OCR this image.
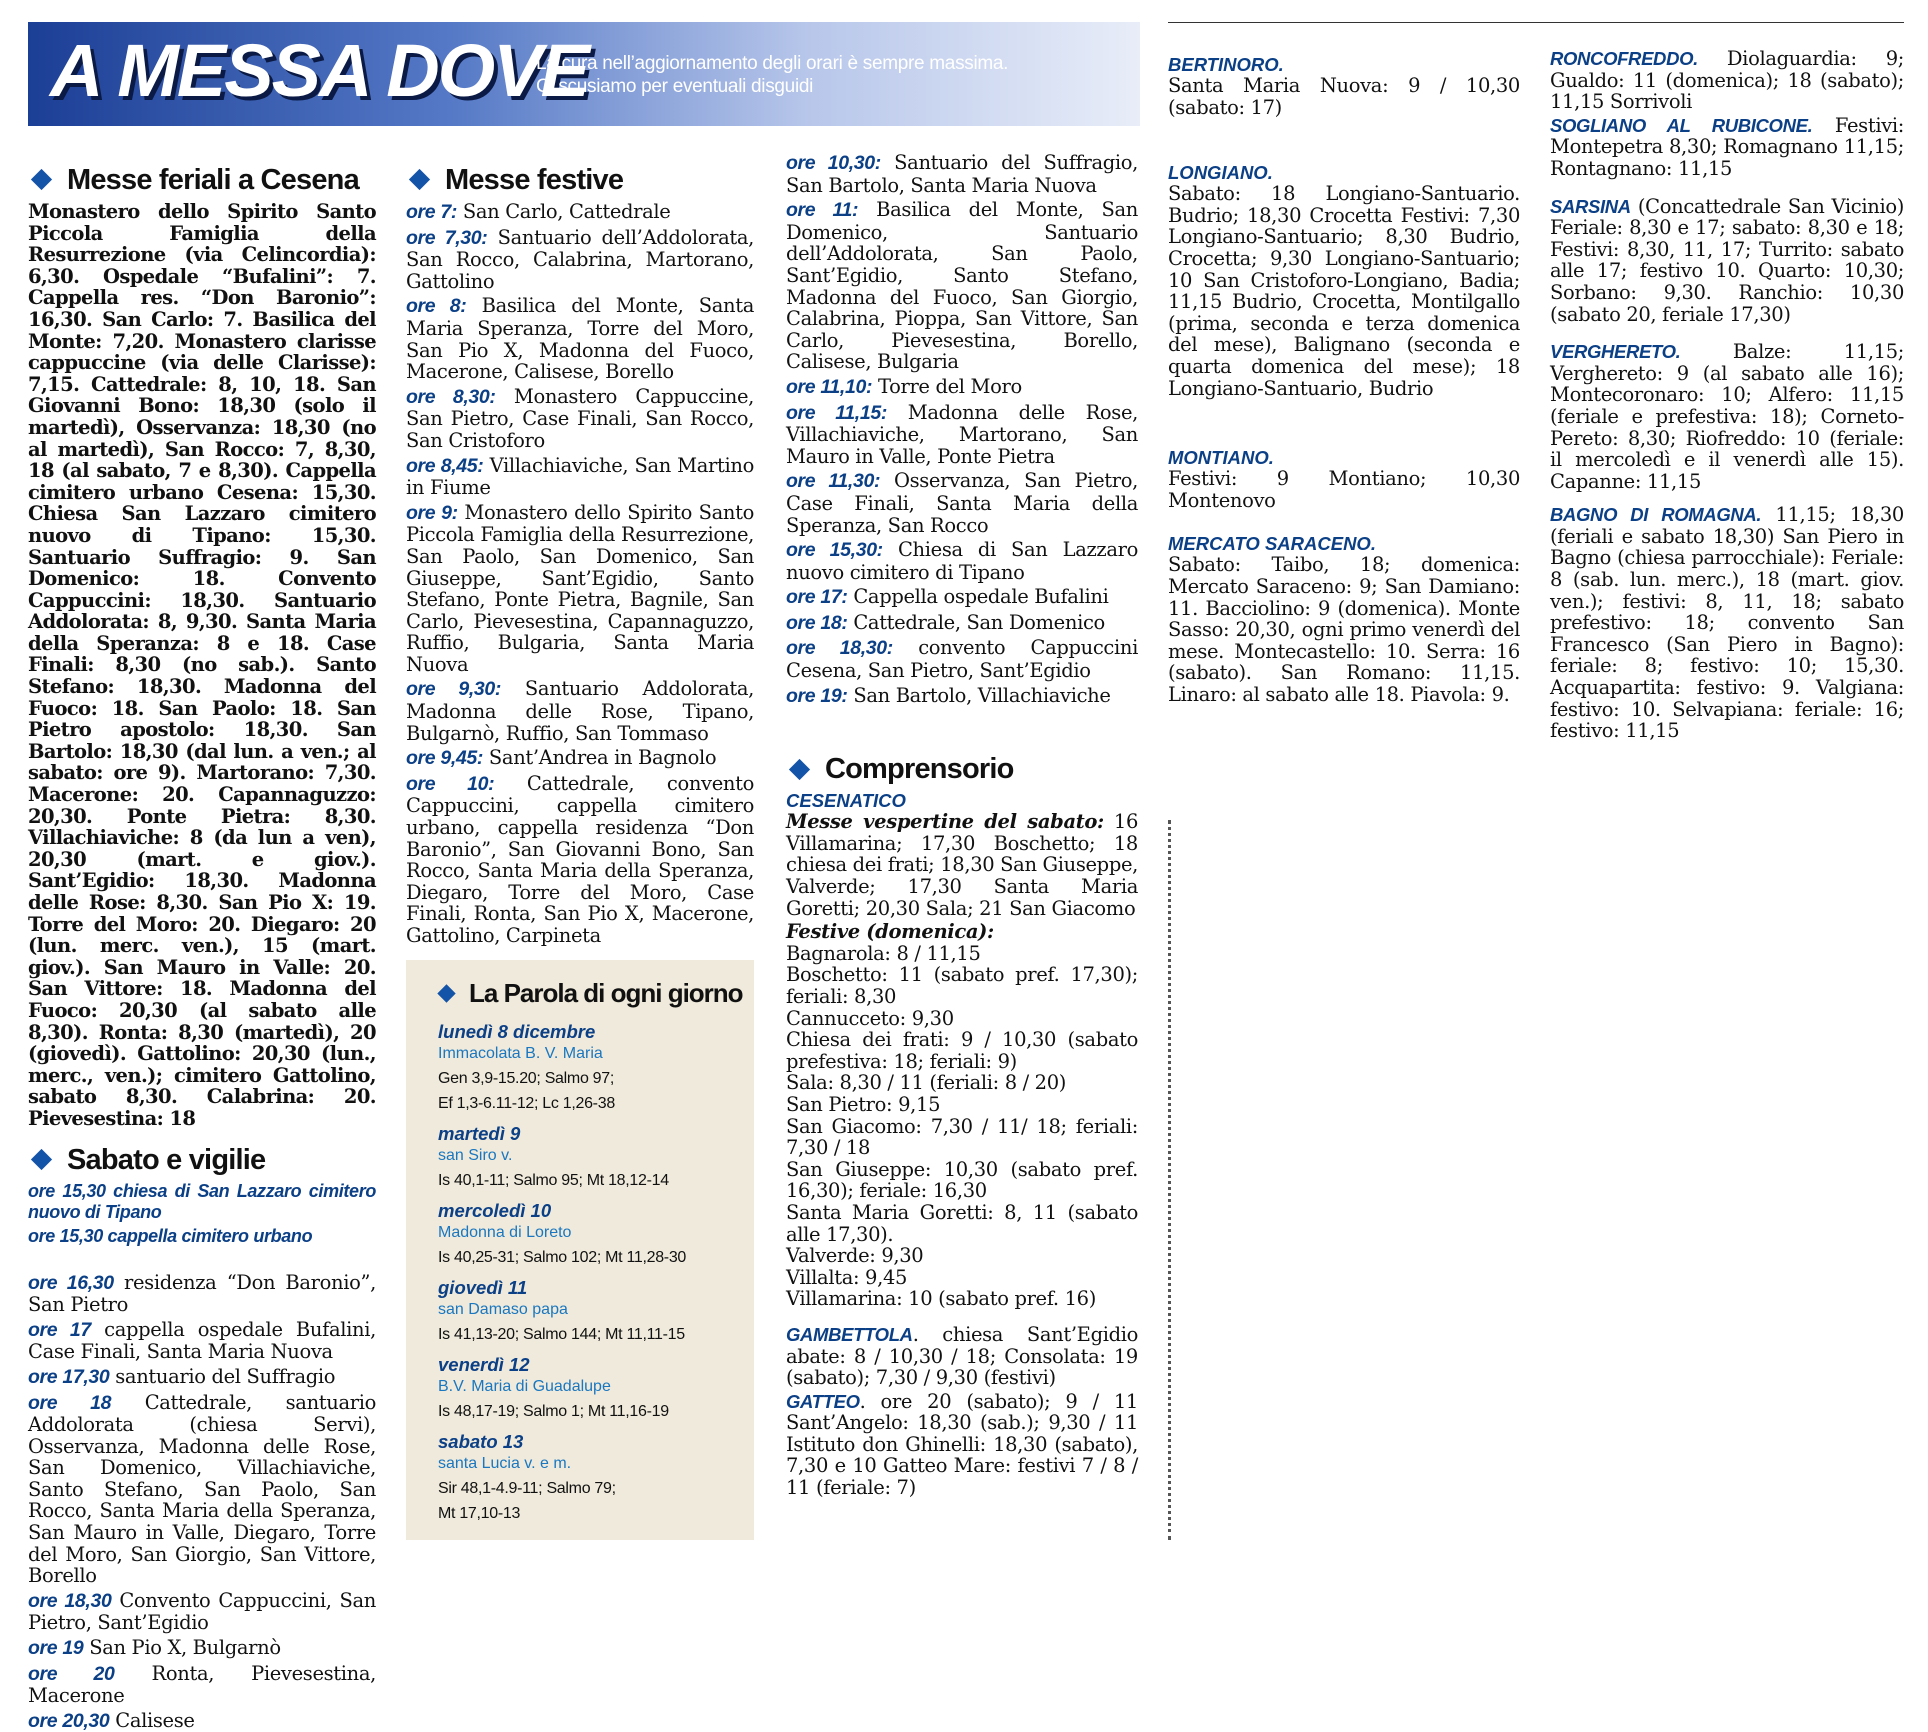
A MESSA DOVE
La cura nell’aggiornamento degli orari è sempre massima.
Ci scusiamo per eventuali disguidi
Messe feriali a Cesena
Monastero dello Spirito Santo Piccola Famiglia della Resurrezione (via Celincordia): 6,30. Ospedale “Bufalini”: 7. Cappella res. “Don Baronio”: 16,30. San Carlo: 7. Basilica del Monte: 7,20. Monastero clarisse cappuccine (via delle Clarisse): 7,15. Cattedrale: 8, 10, 18. San Giovanni Bono: 18,30 (solo il martedì), Osservanza: 18,30 (no al martedì), San Rocco: 7, 8,30, 18 (al sabato, 7 e 8,30). Cappella cimitero urbano Cesena: 15,30. Chiesa San Lazzaro cimitero nuovo di Tipano: 15,30. Santuario Suffragio: 9. San Domenico: 18. Convento Cappuccini: 18,30. Santuario Addolorata: 8, 9,30. Santa Maria della Speranza: 8 e 18. Case Finali: 8,30 (no sab.). Santo Stefano: 18,30. Madonna del Fuoco: 18. San Paolo: 18. San Pietro apostolo: 18,30. San Bartolo: 18,30 (dal lun. a ven.; al sabato: ore 9). Martorano: 7,30. Macerone: 20. Capannaguzzo: 20,30. Ponte Pietra: 8,30. Villachiaviche: 8 (da lun a ven), 20,30 (mart. e giov.). Sant’Egidio: 18,30. Madonna delle Rose: 8,30. San Pio X: 19. Torre del Moro: 20. Diegaro: 20 (lun. merc. ven.), 15 (mart. giov.). San Mauro in Valle: 20. San Vittore: 18. Madonna del Fuoco: 20,30 (al sabato alle 8,30). Ronta: 8,30 (martedì), 20 (giovedì). Gattolino: 20,30 (lun., merc., ven.); cimitero Gattolino, sabato 8,30. Calabrina: 20. Pievesestina: 18
Sabato e vigilie
ore 15,30 chiesa di San Lazzaro cimitero nuovo di Tipano
ore 15,30 cappella cimitero urbano
ore 16,30 residenza “Don Baronio”, San Pietro
ore 17 cappella ospedale Bufalini, Case Finali, Santa Maria Nuova
ore 17,30 santuario del Suffragio
ore 18 Cattedrale, santuario Addolorata (chiesa Servi), Osservanza, Madonna delle Rose, San Domenico, Villachiaviche, Santo Stefano, San Paolo, San Rocco, Santa Maria della Speranza, San Mauro in Valle, Diegaro, Torre del Moro, San Giorgio, San Vittore, Borello
ore 18,30 Convento Cappuccini, San Pietro, Sant’Egidio
ore 19 San Pio X, Bulgarnò
ore 20 Ronta, Pievesestina, Macerone
ore 20,30 Calisese
Messe festive
ore 7: San Carlo, Cattedrale
ore 7,30: Santuario dell’Addolorata, San Rocco, Calabrina, Martorano, Gattolino
ore 8: Basilica del Monte, Santa Maria Speranza, Torre del Moro, San Pio X, Madonna del Fuoco, Macerone, Calisese, Borello
ore 8,30: Monastero Cappuccine, San Pietro, Case Finali, San Rocco, San Cristoforo
ore 8,45: Villachiaviche, San Martino in Fiume
ore 9: Monastero dello Spirito Santo Piccola Famiglia della Resurrezione, San Paolo, San Domenico, San Giuseppe, Sant’Egidio, Santo Stefano, Ponte Pietra, Bagnile, San Carlo, Pievesestina, Capannaguzzo, Ruffio, Bulgaria, Santa Maria Nuova
ore 9,30: Santuario Addolorata, Madonna delle Rose, Tipano, Bulgarnò, Ruffio, San Tommaso
ore 9,45: Sant’Andrea in Bagnolo
ore 10: Cattedrale, convento Cappuccini, cappella cimitero urbano, cappella residenza “Don Baronio”, San Giovanni Bono, San Rocco, Santa Maria della Speranza, Diegaro, Torre del Moro, Case Finali, Ronta, San Pio X, Macerone, Gattolino, Carpineta
La Parola di ogni giorno
lunedì 8 dicembre
Immacolata B. V. Maria
Gen 3,9-15.20; Salmo 97;
Ef 1,3-6.11-12; Lc 1,26-38
martedì 9
san Siro v.
Is 40,1-11; Salmo 95; Mt 18,12-14
mercoledì 10
Madonna di Loreto
Is 40,25-31; Salmo 102; Mt 11,28-30
giovedì 11
san Damaso papa
Is 41,13-20; Salmo 144; Mt 11,11-15
venerdì 12
B.V. Maria di Guadalupe
Is 48,17-19; Salmo 1; Mt 11,16-19
sabato 13
santa Lucia v. e m.
Sir 48,1-4.9-11; Salmo 79;
Mt 17,10-13
ore 10,30: Santuario del Suffragio, San Bartolo, Santa Maria Nuova
ore 11: Basilica del Monte, San Domenico, Santuario dell’Addolorata, San Paolo, Sant’Egidio, Santo Stefano, Madonna del Fuoco, San Giorgio, Calabrina, Pioppa, San Vittore, San Carlo, Pievesestina, Borello, Calisese, Bulgaria
ore 11,10: Torre del Moro
ore 11,15: Madonna delle Rose, Villachiaviche, Martorano, San Mauro in Valle, Ponte Pietra
ore 11,30: Osservanza, San Pietro, Case Finali, Santa Maria della Speranza, San Rocco
ore 15,30: Chiesa di San Lazzaro nuovo cimitero di Tipano
ore 17: Cappella ospedale Bufalini
ore 18: Cattedrale, San Domenico
ore 18,30: convento Cappuccini Cesena, San Pietro, Sant’Egidio
ore 19: San Bartolo, Villachiaviche
Comprensorio
CESENATICO
Messe vespertine del sabato: 16 Villamarina; 17,30 Boschetto; 18 chiesa dei frati; 18,30 San Giuseppe, Valverde; 17,30 Santa Maria Goretti; 20,30 Sala; 21 San Giacomo
Festive (domenica):
Bagnarola: 8 / 11,15
Boschetto: 11 (sabato pref. 17,30); feriali: 8,30
Cannucceto: 9,30
Chiesa dei frati: 9 / 10,30 (sabato prefestiva: 18; feriali: 9)
Sala: 8,30 / 11 (feriali: 8 / 20)
San Pietro: 9,15
San Giacomo: 7,30 / 11/ 18; feriali: 7,30 / 18
San Giuseppe: 10,30 (sabato pref. 16,30); feriale: 16,30
Santa Maria Goretti: 8, 11 (sabato alle 17,30).
Valverde: 9,30
Villalta: 9,45
Villamarina: 10 (sabato pref. 16)
GAMBETTOLA. chiesa Sant’Egidio abate: 8 / 10,30 / 18; Consolata: 19 (sabato); 7,30 / 9,30 (festivi)
GATTEO. ore 20 (sabato); 9 / 11 Sant’Angelo: 18,30 (sab.); 9,30 / 11 Istituto don Ghinelli: 18,30 (sabato), 7,30 e 10 Gatteo Mare: festivi 7 / 8 / 11 (feriale: 7)
BERTINORO.
Santa Maria Nuova: 9 / 10,30 (sabato: 17)
LONGIANO.
Sabato: 18 Longiano-Santuario. Budrio; 18,30 Crocetta Festivi: 7,30 Longiano-Santuario; 8,30 Budrio, Crocetta; 9,30 Longiano-Santuario; 10 San Cristoforo-Longiano, Badia; 11,15 Budrio, Crocetta, Montilgallo (prima, seconda e terza domenica del mese), Balignano (seconda e quarta domenica del mese); 18 Longiano-Santuario, Budrio
MONTIANO.
Festivi: 9 Montiano; 10,30 Montenovo
MERCATO SARACENO.
Sabato: Taibo, 18; domenica: Mercato Saraceno: 9; San Damiano: 11. Bacciolino: 9 (domenica). Monte Sasso: 20,30, ogni primo venerdì del mese. Montecastello: 10. Serra: 16 (sabato). San Romano: 11,15. Linaro: al sabato alle 18. Piavola: 9.
RONCOFREDDO. Diolaguardia: 9; Gualdo: 11 (domenica); 18 (sabato); 11,15 Sorrivoli
SOGLIANO AL RUBICONE. Festivi: Montepetra 8,30; Romagnano 11,15; Rontagnano: 11,15
SARSINA (Concattedrale San Vicinio) Feriale: 8,30 e 17; sabato: 8,30 e 18; Festivi: 8,30, 11, 17; Turrito: sabato alle 17; festivo 10. Quarto: 10,30; Sorbano: 9,30. Ranchio: 10,30 (sabato 20, feriale 17,30)
VERGHERETO. Balze: 11,15; Verghereto: 9 (al sabato alle 16); Montecoronaro: 10; Alfero: 11,15 (feriale e prefestiva: 18); Corneto-Pereto: 8,30; Riofreddo: 10 (feriale: il mercoledì e il venerdì alle 15). Capanne: 11,15
BAGNO DI ROMAGNA. 11,15; 18,30 (feriali e sabato 18,30) San Piero in Bagno (chiesa parrocchiale): Feriale: 8 (sab. lun. merc.), 18 (mart. giov. ven.); festivi: 8, 11, 18; sabato prefestivo: 18; convento San Francesco (San Piero in Bagno): feriale: 8; festivo: 10; 15,30. Acquapartita: festivo: 9. Valgiana: festivo: 10. Selvapiana: feriale: 16; festivo: 11,15
